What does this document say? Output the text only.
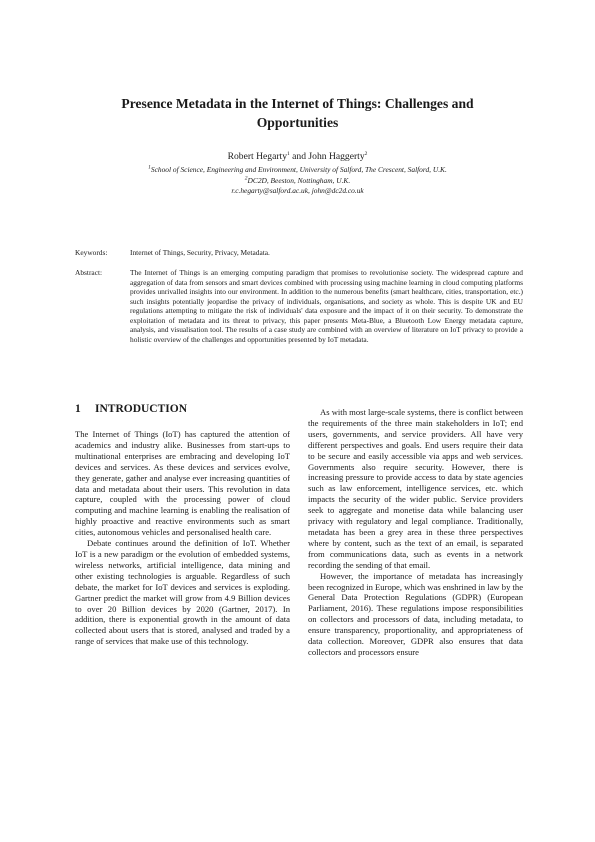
Presence Metadata in the Internet of Things: Challenges and Opportunities
Robert Hegarty$^1$ and John Haggerty$^2$
$^1$School of Science, Engineering and Environment, University of Salford, The Crescent, Salford, U.K.
$^2$DC2D, Beeston, Nottingham, U.K.
r.c.hegarty@salford.ac.uk, john@dc2d.co.uk
Keywords:	Internet of Things, Security, Privacy, Metadata.
Abstract:	The Internet of Things is an emerging computing paradigm that promises to revolutionise society. The widespread capture and aggregation of data from sensors and smart devices combined with processing using machine learning in cloud computing platforms provides unrivalled insights into our environment. In addition to the numerous benefits (smart healthcare, cities, transportation, etc.) such insights potentially jeopardise the privacy of individuals, organisations, and society as whole. This is despite UK and EU regulations attempting to mitigate the risk of individuals' data exposure and the impact of it on their security. To demonstrate the exploitation of metadata and its threat to privacy, this paper presents Meta-Blue, a Bluetooth Low Energy metadata capture, analysis, and visualisation tool. The results of a case study are combined with an overview of literature on IoT privacy to provide a holistic overview of the challenges and opportunities presented by IoT metadata.
1 INTRODUCTION

The Internet of Things (IoT) has captured the attention of academics and industry alike. Businesses from start-ups to multinational enterprises are embracing and developing IoT devices and services. As these devices and services evolve, they generate, gather and analyse ever increasing quantities of data and metadata about their users. This revolution in data capture, coupled with the processing power of cloud computing and machine learning is enabling the realisation of highly proactive and reactive environments such as smart cities, autonomous vehicles and personalised health care.

Debate continues around the definition of IoT. Whether IoT is a new paradigm or the evolution of embedded systems, wireless networks, artificial intelligence, data mining and other existing technologies is arguable. Regardless of such debate, the market for IoT devices and services is exploding. Gartner predict the market will grow from 4.9 Billion devices to over 20 Billion devices by 2020 (Gartner, 2017). In addition, there is exponential growth in the amount of data collected about users that is stored, analysed and traded by a range of services that make use of this technology.

As with most large-scale systems, there is conflict between the requirements of the three main stakeholders in IoT; end users, governments, and service providers. All have very different perspectives and goals. End users require their data to be secure and easily accessible via apps and web services. Governments also require security. However, there is increasing pressure to provide access to data by state agencies such as law enforcement, intelligence services, etc. which impacts the security of the wider public. Service providers seek to aggregate and monetise data while balancing user privacy with regulatory and legal compliance. Traditionally, metadata has been a grey area in these three perspectives where by content, such as the text of an email, is separated from communications data, such as events in a network recording the sending of that email.

However, the importance of metadata has increasingly been recognized in Europe, which was enshrined in law by the General Data Protection Regulations (GDPR) (European Parliament, 2016). These regulations impose responsibilities on collectors and processors of data, including metadata, to ensure transparency, proportionality, and appropriateness of data collection. Moreover, GDPR also ensures that data collectors and processors ensure
